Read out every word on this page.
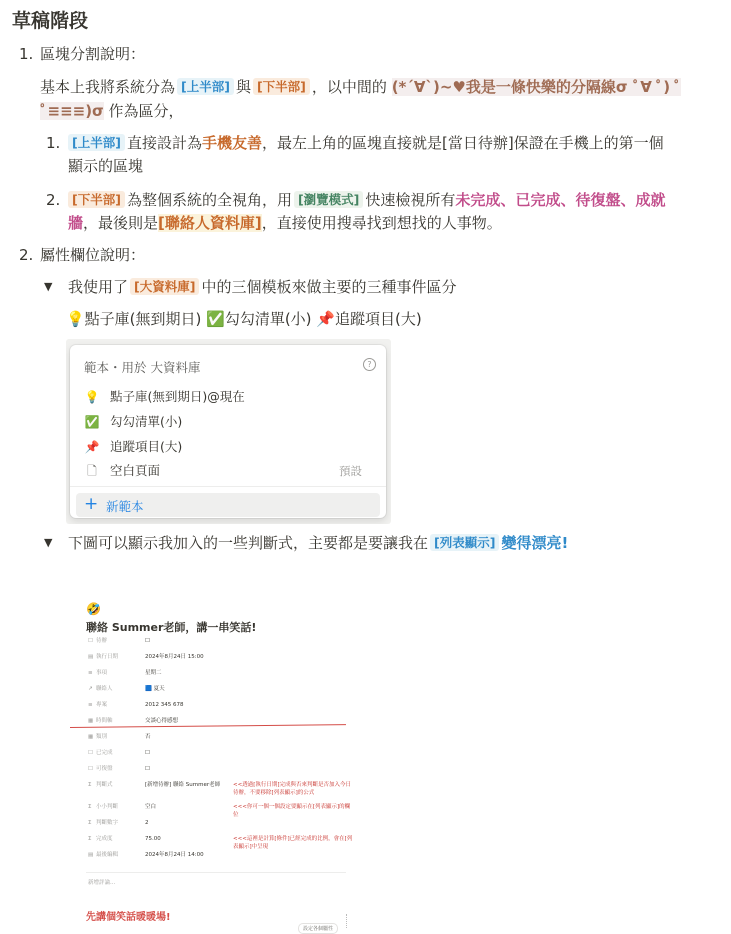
草稿階段
1. 區塊分割說明：
基本上我將系統分為 [上半部] 與 [下半部] ，以中間的 (*´∀`)~♥我是一條快樂的分隔線σ ﾟ∀ ﾟ) ﾟ
ﾟ≡≡≡)σ 作為區分，
1. [上半部] 直接設計為手機友善，最左上角的區塊直接就是[當日待辦]保證在手機上的第一個
顯示的區塊
2. [下半部] 為整個系統的全視角，用 [瀏覽模式] 快速檢視所有未完成、已完成、待復盤、成就
牆，最後則是[聯絡人資料庫]，直接使用搜尋找到想找的人事物。
2. 屬性欄位說明：
▼ 我使用了 [大資料庫] 中的三個模板來做主要的三種事件區分
💡點子庫(無到期日) ✅勾勾清單(小) 📌追蹤項目(大)
範本・用於 大資料庫	?
💡 點子庫(無到期日)@現在
✅ 勾勾清單(小)
📌 追蹤項目(大)
🗋 空白頁面	預設
+ 新範本
▼ 下圖可以顯示我加入的一些判斷式，主要都是要讓我在 [列表顯示] 變得漂亮!
🤣
聯絡 Summer老師，講一串笑話!
☐ 待辦	☐
▤ 執行日期	2024年8月24日 15:00
≡ 事項	星期二
↗ 聯絡人	🟦 夏天
≡ 專案	2012 345 678
▦ 時間軸	交談心得感想
▦ 類別	否
☐ 已完成	☐
☐ 可復盤	☐
Σ 判斷式	[新增待辦] 聯絡 Summer老師 <<透過[執行日期]完成與否來判斷是否加入今日待辦，不要移除[列表顯示]的公式
Σ 小小判斷	空白	<<<你可一個一個設定要顯示在[列表顯示]的欄位
Σ 判斷數字	2
Σ 完成度	75.00	<<<這裡是計算[條件]已經完成的比例，會在[列表顯示]中呈現
▤ 最後編輯	2024年8月24日 14:00
新增評論...
先講個笑話暖暖場!
設定各個屬性
